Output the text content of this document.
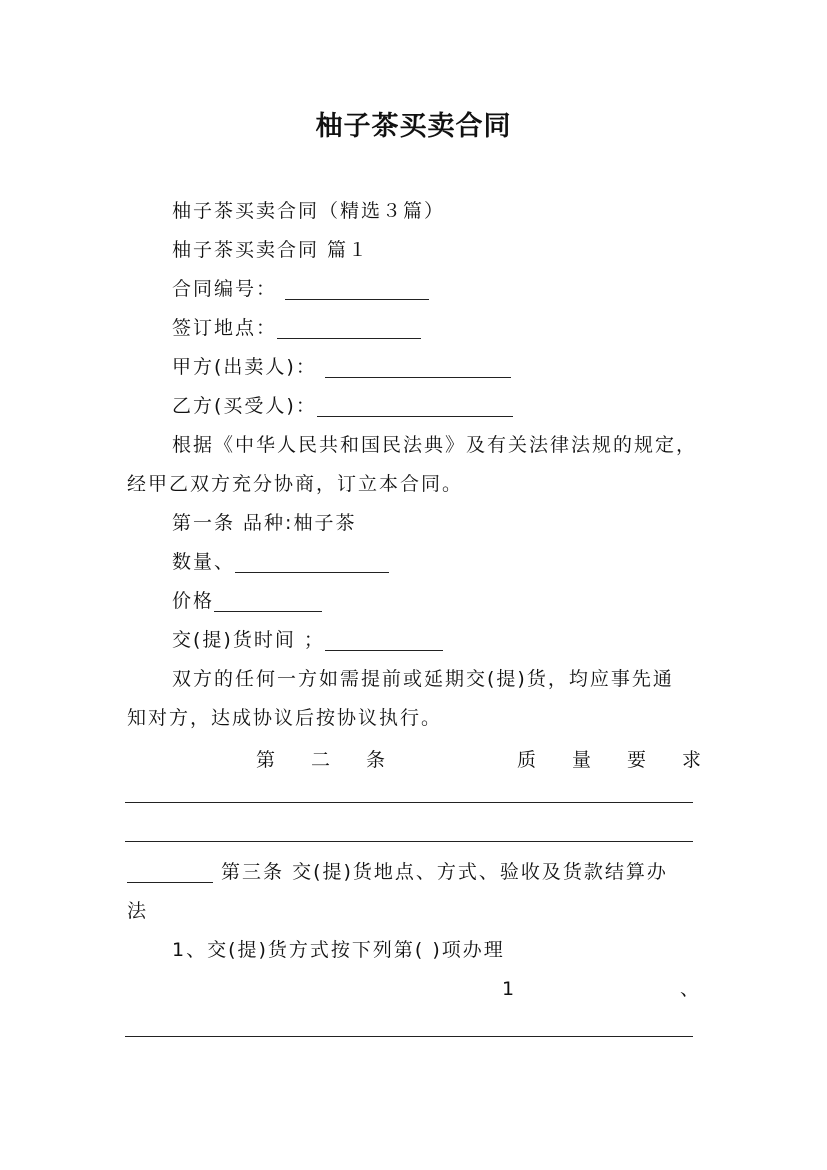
柚子茶买卖合同
柚子茶买卖合同（精选３篇）
柚子茶买卖合同 篇１
合同编号：
签订地点：
甲方(出卖人)：
乙方(买受人)：
根据《中华人民共和国民法典》及有关法律法规的规定，
经甲乙双方充分协商，订立本合同。
第一条 品种:柚子茶
数量、
价格
交(提)货时间 ；
双方的任何一方如需提前或延期交(提)货，均应事先通
知对方，达成协议后按协议执行。
第 二 条	质 量 要 求
第三条 交(提)货地点、方式、验收及货款结算办
法
1、交(提)货方式按下列第( )项办理
1	、
